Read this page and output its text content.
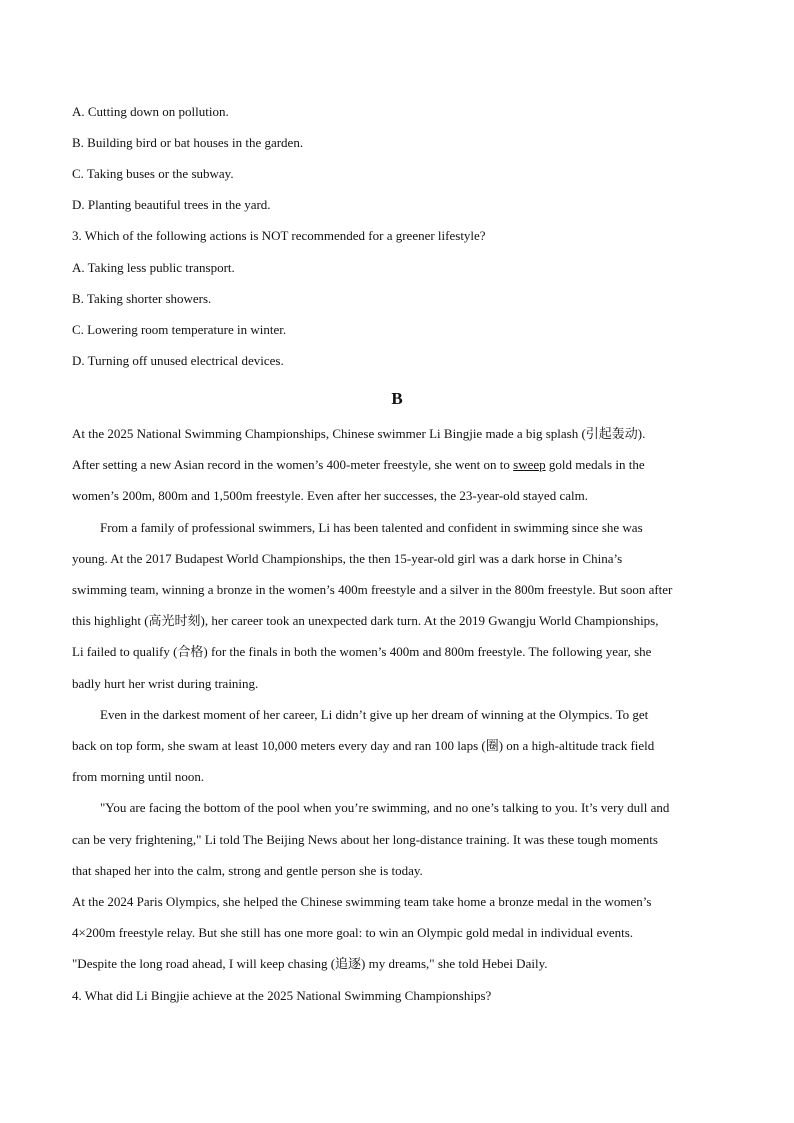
A. Cutting down on pollution.
B. Building bird or bat houses in the garden.
C. Taking buses or the subway.
D. Planting beautiful trees in the yard.
3. Which of the following actions is NOT recommended for a greener lifestyle?
A. Taking less public transport.
B. Taking shorter showers.
C. Lowering room temperature in winter.
D. Turning off unused electrical devices.
B
At the 2025 National Swimming Championships, Chinese swimmer Li Bingjie made a big splash (引起轰动).
After setting a new Asian record in the women’s 400-meter freestyle, she went on to sweep gold medals in the
women’s 200m, 800m and 1,500m freestyle. Even after her successes, the 23-year-old stayed calm.
From a family of professional swimmers, Li has been talented and confident in swimming since she was
young. At the 2017 Budapest World Championships, the then 15-year-old girl was a dark horse in China’s
swimming team, winning a bronze in the women’s 400m freestyle and a silver in the 800m freestyle. But soon after
this highlight (高光时刻), her career took an unexpected dark turn. At the 2019 Gwangju World Championships,
Li failed to qualify (合格) for the finals in both the women’s 400m and 800m freestyle. The following year, she
badly hurt her wrist during training.
Even in the darkest moment of her career, Li didn’t give up her dream of winning at the Olympics. To get
back on top form, she swam at least 10,000 meters every day and ran 100 laps (圈) on a high-altitude track field
from morning until noon.
"You are facing the bottom of the pool when you’re swimming, and no one’s talking to you. It’s very dull and
can be very frightening," Li told The Beijing News about her long-distance training. It was these tough moments
that shaped her into the calm, strong and gentle person she is today.
At the 2024 Paris Olympics, she helped the Chinese swimming team take home a bronze medal in the women’s
4×200m freestyle relay. But she still has one more goal: to win an Olympic gold medal in individual events.
"Despite the long road ahead, I will keep chasing (追逐) my dreams," she told Hebei Daily.
4. What did Li Bingjie achieve at the 2025 National Swimming Championships?
